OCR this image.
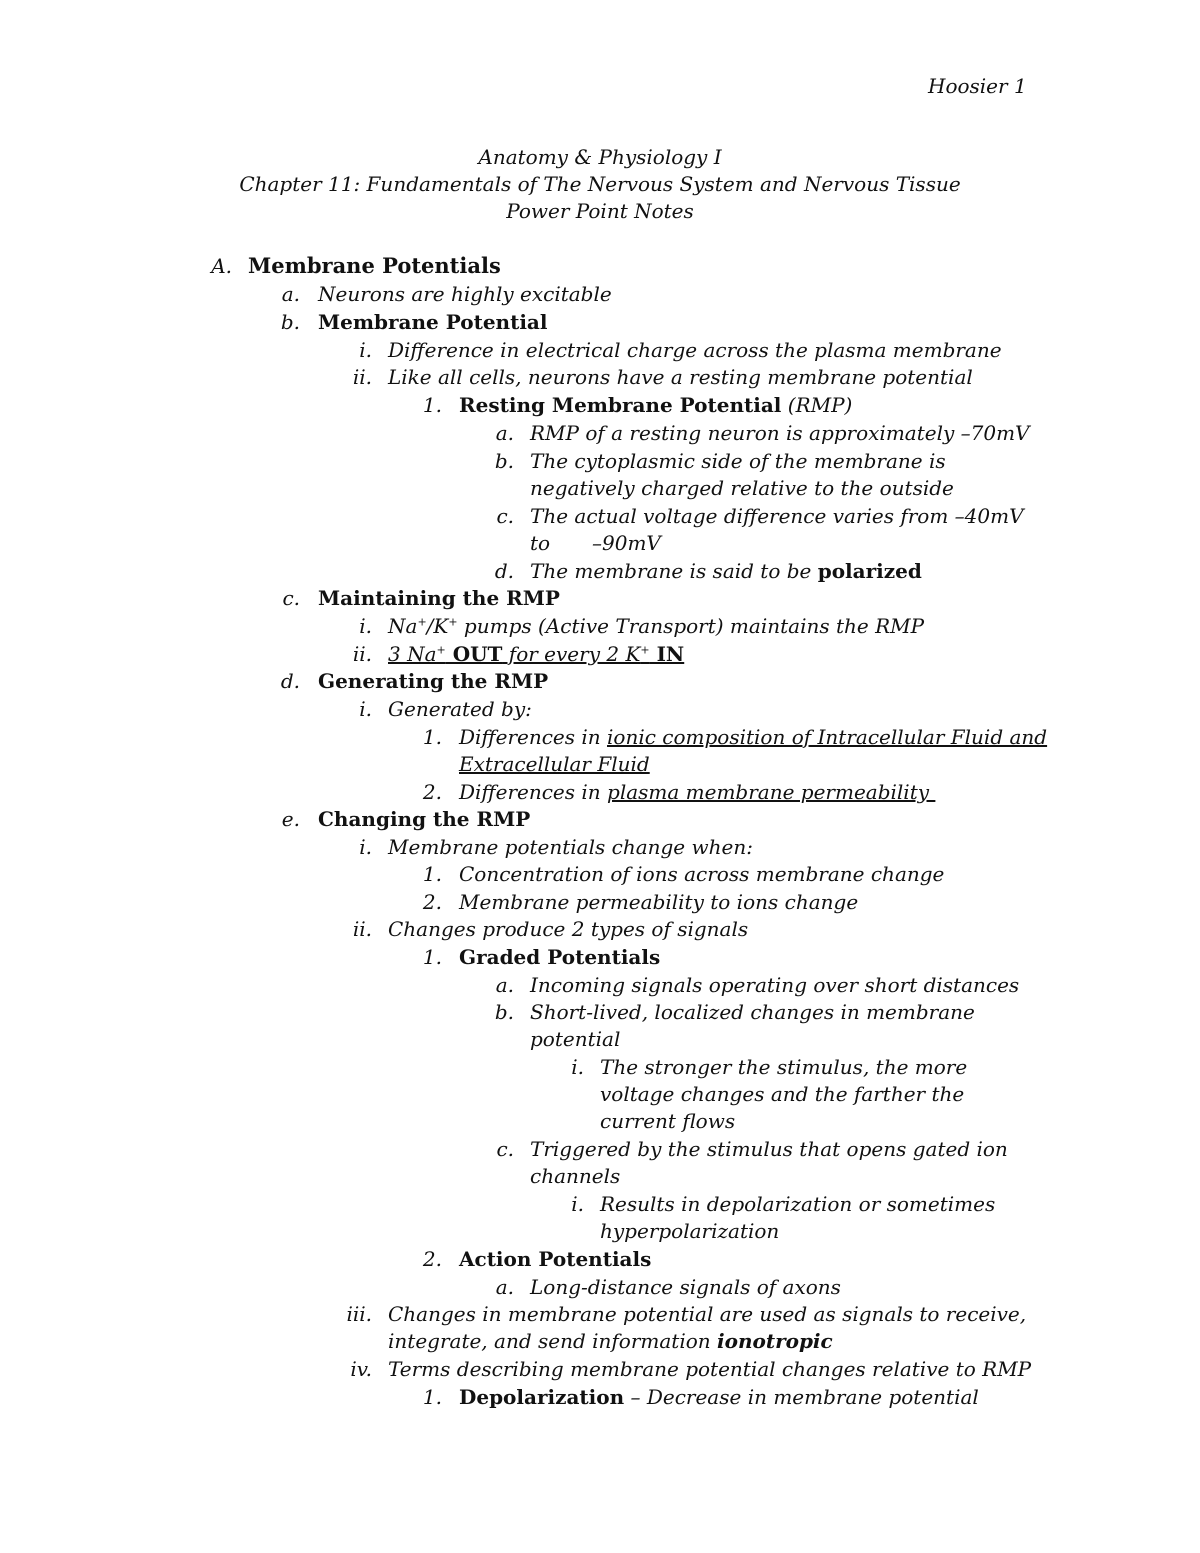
Hoosier 1
Anatomy & Physiology I
Chapter 11: Fundamentals of The Nervous System and Nervous Tissue
Power Point Notes
A. Membrane Potentials
a. Neurons are highly excitable
b. Membrane Potential
i. Difference in electrical charge across the plasma membrane
ii. Like all cells, neurons have a resting membrane potential
1. Resting Membrane Potential (RMP)
a. RMP of a resting neuron is approximately –70mV
b. The cytoplasmic side of the membrane is
negatively charged relative to the outside
c. The actual voltage difference varies from –40mV
to –90mV
d. The membrane is said to be polarized
c. Maintaining the RMP
i. Na+/K+ pumps (Active Transport) maintains the RMP
ii. 3 Na+ OUT for every 2 K+ IN
d. Generating the RMP
i. Generated by:
1. Differences in ionic composition of Intracellular Fluid and
Extracellular Fluid
2. Differences in plasma membrane permeability
e. Changing the RMP
i. Membrane potentials change when:
1. Concentration of ions across membrane change
2. Membrane permeability to ions change
ii. Changes produce 2 types of signals
1. Graded Potentials
a. Incoming signals operating over short distances
b. Short-lived, localized changes in membrane
potential
i. The stronger the stimulus, the more
voltage changes and the farther the
current flows
c. Triggered by the stimulus that opens gated ion
channels
i. Results in depolarization or sometimes
hyperpolarization
2. Action Potentials
a. Long-distance signals of axons
iii. Changes in membrane potential are used as signals to receive,
integrate, and send information ionotropic
iv. Terms describing membrane potential changes relative to RMP
1. Depolarization – Decrease in membrane potential
